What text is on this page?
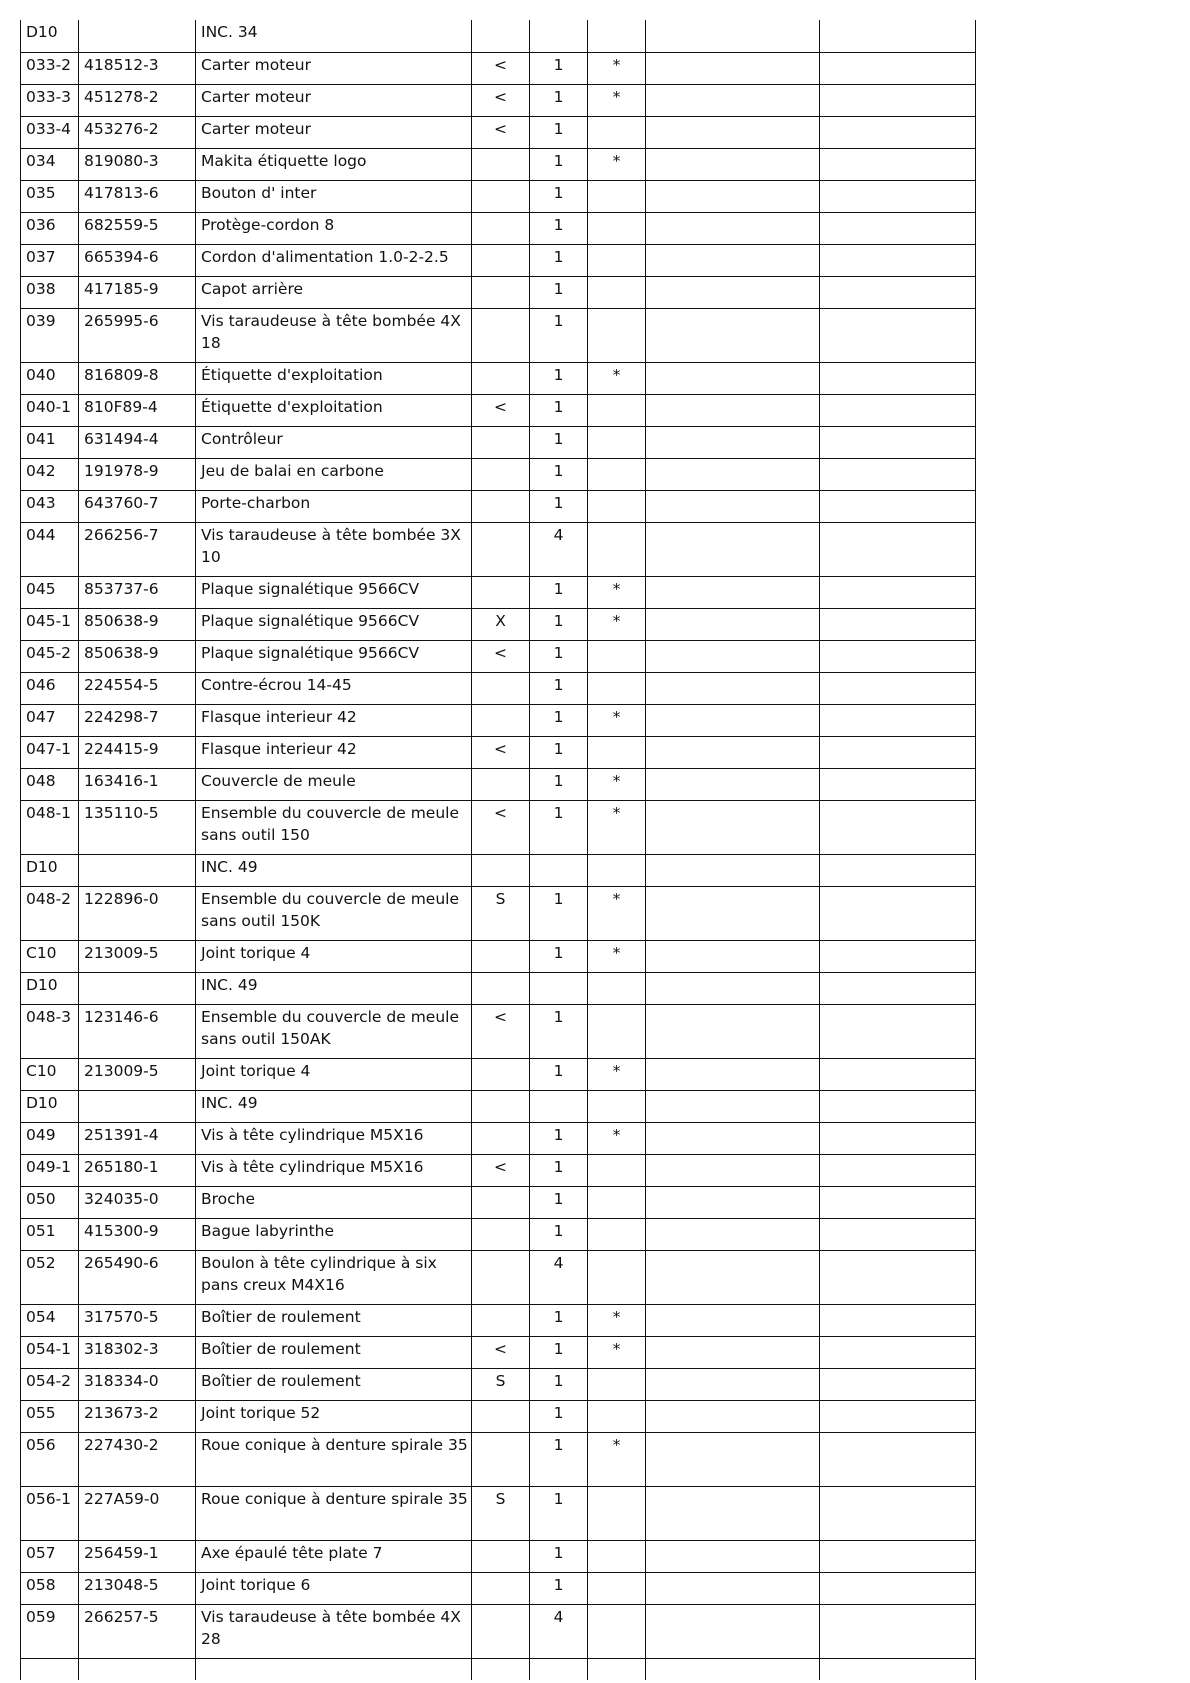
D10		INC. 34					
033-2	418512-3	Carter moteur	<	1	*		
033-3	451278-2	Carter moteur	<	1	*		
033-4	453276-2	Carter moteur	<	1			
034	819080-3	Makita étiquette logo		1	*		
035	417813-6	Bouton d' inter		1			
036	682559-5	Protège-cordon 8		1			
037	665394-6	Cordon d'alimentation 1.0-2-2.5		1			
038	417185-9	Capot arrière		1			
039	265995-6	Vis taraudeuse à tête bombée 4X 18		1			
040	816809-8	Étiquette d'exploitation		1	*		
040-1	810F89-4	Étiquette d'exploitation	<	1			
041	631494-4	Contrôleur		1			
042	191978-9	Jeu de balai en carbone		1			
043	643760-7	Porte-charbon		1			
044	266256-7	Vis taraudeuse à tête bombée 3X 10		4			
045	853737-6	Plaque signalétique 9566CV		1	*		
045-1	850638-9	Plaque signalétique 9566CV	X	1	*		
045-2	850638-9	Plaque signalétique 9566CV	<	1			
046	224554-5	Contre-écrou 14-45		1			
047	224298-7	Flasque interieur 42		1	*		
047-1	224415-9	Flasque interieur 42	<	1			
048	163416-1	Couvercle de meule		1	*		
048-1	135110-5	Ensemble du couvercle de meule sans outil 150	<	1	*		
D10		INC. 49					
048-2	122896-0	Ensemble du couvercle de meule sans outil 150K	S	1	*		
C10	213009-5	Joint torique 4		1	*		
D10		INC. 49					
048-3	123146-6	Ensemble du couvercle de meule sans outil 150AK	<	1			
C10	213009-5	Joint torique 4		1	*		
D10		INC. 49					
049	251391-4	Vis à tête cylindrique M5X16		1	*		
049-1	265180-1	Vis à tête cylindrique M5X16	<	1			
050	324035-0	Broche		1			
051	415300-9	Bague labyrinthe		1			
052	265490-6	Boulon à tête cylindrique à six pans creux M4X16		4			
054	317570-5	Boîtier de roulement		1	*		
054-1	318302-3	Boîtier de roulement	<	1	*		
054-2	318334-0	Boîtier de roulement	S	1			
055	213673-2	Joint torique 52		1			
056	227430-2	Roue conique à denture spirale 35		1	*		
056-1	227A59-0	Roue conique à denture spirale 35	S	1			
057	256459-1	Axe épaulé tête plate 7		1			
058	213048-5	Joint torique 6		1			
059	266257-5	Vis taraudeuse à tête bombée 4X 28		4			
